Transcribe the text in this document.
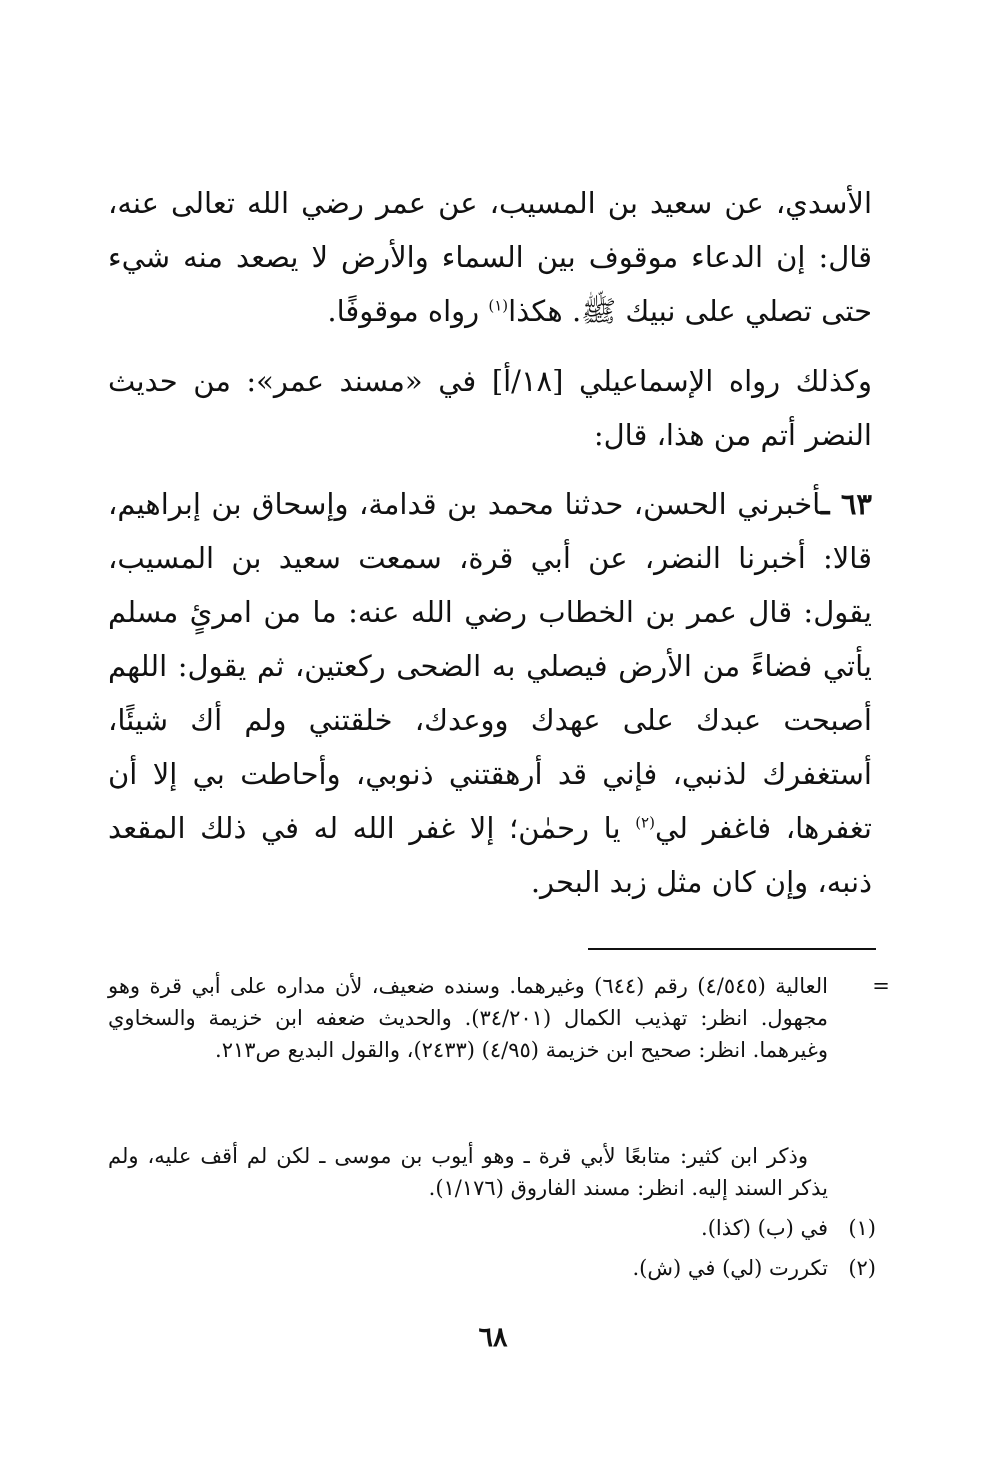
الأسدي، عن سعيد بن المسيب، عن عمر رضي الله تعالى عنه، قال: إن الدعاء موقوف بين السماء والأرض لا يصعد منه شيء حتى تصلي على نبيك ﷺ. هكذا$^{(١)}$ رواه موقوفًا.

وكذلك رواه الإسماعيلي [١٨/أ] في «مسند عمر»: من حديث النضر أتم من هذا، قال:

٦٣ ـأخبرني الحسن، حدثنا محمد بن قدامة، وإسحاق بن إبراهيم، قالا: أخبرنا النضر، عن أبي قرة، سمعت سعيد بن المسيب، يقول: قال عمر بن الخطاب رضي الله عنه: ما من امرئٍ مسلم يأتي فضاءً من الأرض فيصلي به الضحى ركعتين، ثم يقول: اللهم أصبحت عبدك على عهدك ووعدك، خلقتني ولم أك شيئًا، أستغفرك لذنبي، فإني قد أرهقتني ذنوبي، وأحاطت بي إلا أن تغفرها، فاغفر لي$^{(٢)}$ يا رحمٰن؛ إلا غفر الله له في ذلك المقعد ذنبه، وإن كان مثل زبد البحر.

=

العالية (٤/٥٤٥) رقم (٦٤٤) وغيرهما. وسنده ضعيف، لأن مداره على أبي قرة وهو مجهول. انظر: تهذيب الكمال (٣٤/٢٠١). والحديث ضعفه ابن خزيمة والسخاوي وغيرهما. انظر: صحيح ابن خزيمة (٤/٩٥) (٢٤٣٣)، والقول البديع ص٢١٣.

وذكر ابن كثير: متابعًا لأبي قرة ـ وهو أيوب بن موسى ـ لكن لم أقف عليه، ولم يذكر السند إليه. انظر: مسند الفاروق (١/١٧٦).

(١)
في (ب) (كذا).
(٢)
تكررت (لي) في (ش).
٦٨
